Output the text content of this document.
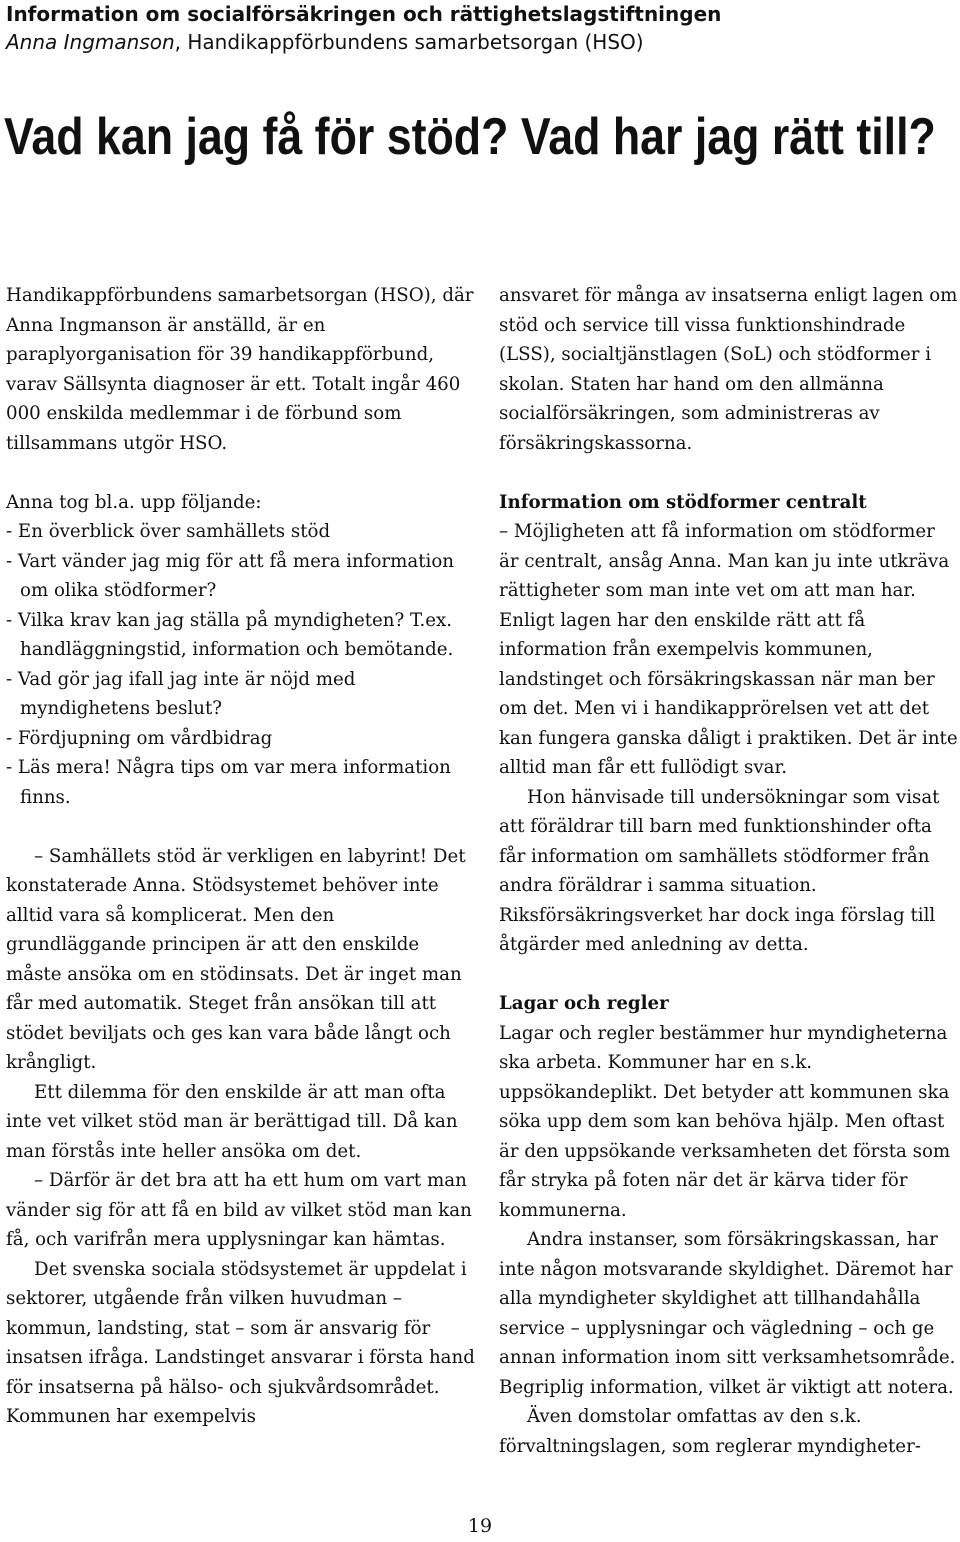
Information om socialförsäkringen och rättighetslagstiftningen

Anna Ingmanson, Handikappförbundens samarbetsorgan (HSO)

Vad kan jag få för stöd? Vad har jag rätt till?

Handikappförbundens samarbetsorgan (HSO), där Anna Ingmanson är anställd, är en paraplyorganisation för 39 handikappförbund, varav Sällsynta diagnoser är ett. Totalt ingår 460 000 enskilda medlemmar i de förbund som tillsammans utgör HSO.

Anna tog bl.a. upp följande:

- En överblick över samhällets stöd

- Vart vänder jag mig för att få mera information om olika stödformer?

- Vilka krav kan jag ställa på myndigheten? T.ex. handläggningstid, information och bemötande.

- Vad gör jag ifall jag inte är nöjd med myndighetens beslut?

- Fördjupning om vårdbidrag

- Läs mera! Några tips om var mera information finns.

– Samhällets stöd är verkligen en labyrint! Det konstaterade Anna. Stödsystemet behöver inte alltid vara så komplicerat. Men den grundläggande principen är att den enskilde måste ansöka om en stödinsats. Det är inget man får med automatik. Steget från ansökan till att stödet beviljats och ges kan vara både långt och krångligt.

Ett dilemma för den enskilde är att man ofta inte vet vilket stöd man är berättigad till. Då kan man förstås inte heller ansöka om det.

– Därför är det bra att ha ett hum om vart man vänder sig för att få en bild av vilket stöd man kan få, och varifrån mera upplysningar kan hämtas.

Det svenska sociala stödsystemet är uppdelat i sektorer, utgående från vilken huvudman – kommun, landsting, stat – som är ansvarig för insatsen ifråga. Landstinget ansvarar i första hand för insatserna på hälso- och sjukvårdsområdet. Kommunen har exempelvis

ansvaret för många av insatserna enligt lagen om stöd och service till vissa funktionshindrade (LSS), socialtjänstlagen (SoL) och stödformer i skolan. Staten har hand om den allmänna socialförsäkringen, som administreras av försäkringskassorna.

Information om stödformer centralt

– Möjligheten att få information om stödformer är centralt, ansåg Anna. Man kan ju inte utkräva rättigheter som man inte vet om att man har. Enligt lagen har den enskilde rätt att få information från exempelvis kommunen, landstinget och försäkringskassan när man ber om det. Men vi i handikapprörelsen vet att det kan fungera ganska dåligt i praktiken. Det är inte alltid man får ett fullödigt svar.

Hon hänvisade till undersökningar som visat att föräldrar till barn med funktionshinder ofta får information om samhällets stödformer från andra föräldrar i samma situation. Riksförsäkringsverket har dock inga förslag till åtgärder med anledning av detta.

Lagar och regler

Lagar och regler bestämmer hur myndigheterna ska arbeta. Kommuner har en s.k. uppsökandeplikt. Det betyder att kommunen ska söka upp dem som kan behöva hjälp. Men oftast är den uppsökande verksamheten det första som får stryka på foten när det är kärva tider för kommunerna.

Andra instanser, som försäkringskassan, har inte någon motsvarande skyldighet. Däremot har alla myndigheter skyldighet att tillhandahålla service – upplysningar och vägledning – och ge annan information inom sitt verksamhetsområde. Begriplig information, vilket är viktigt att notera.

Även domstolar omfattas av den s.k. förvaltningslagen, som reglerar myndigheter-

19
